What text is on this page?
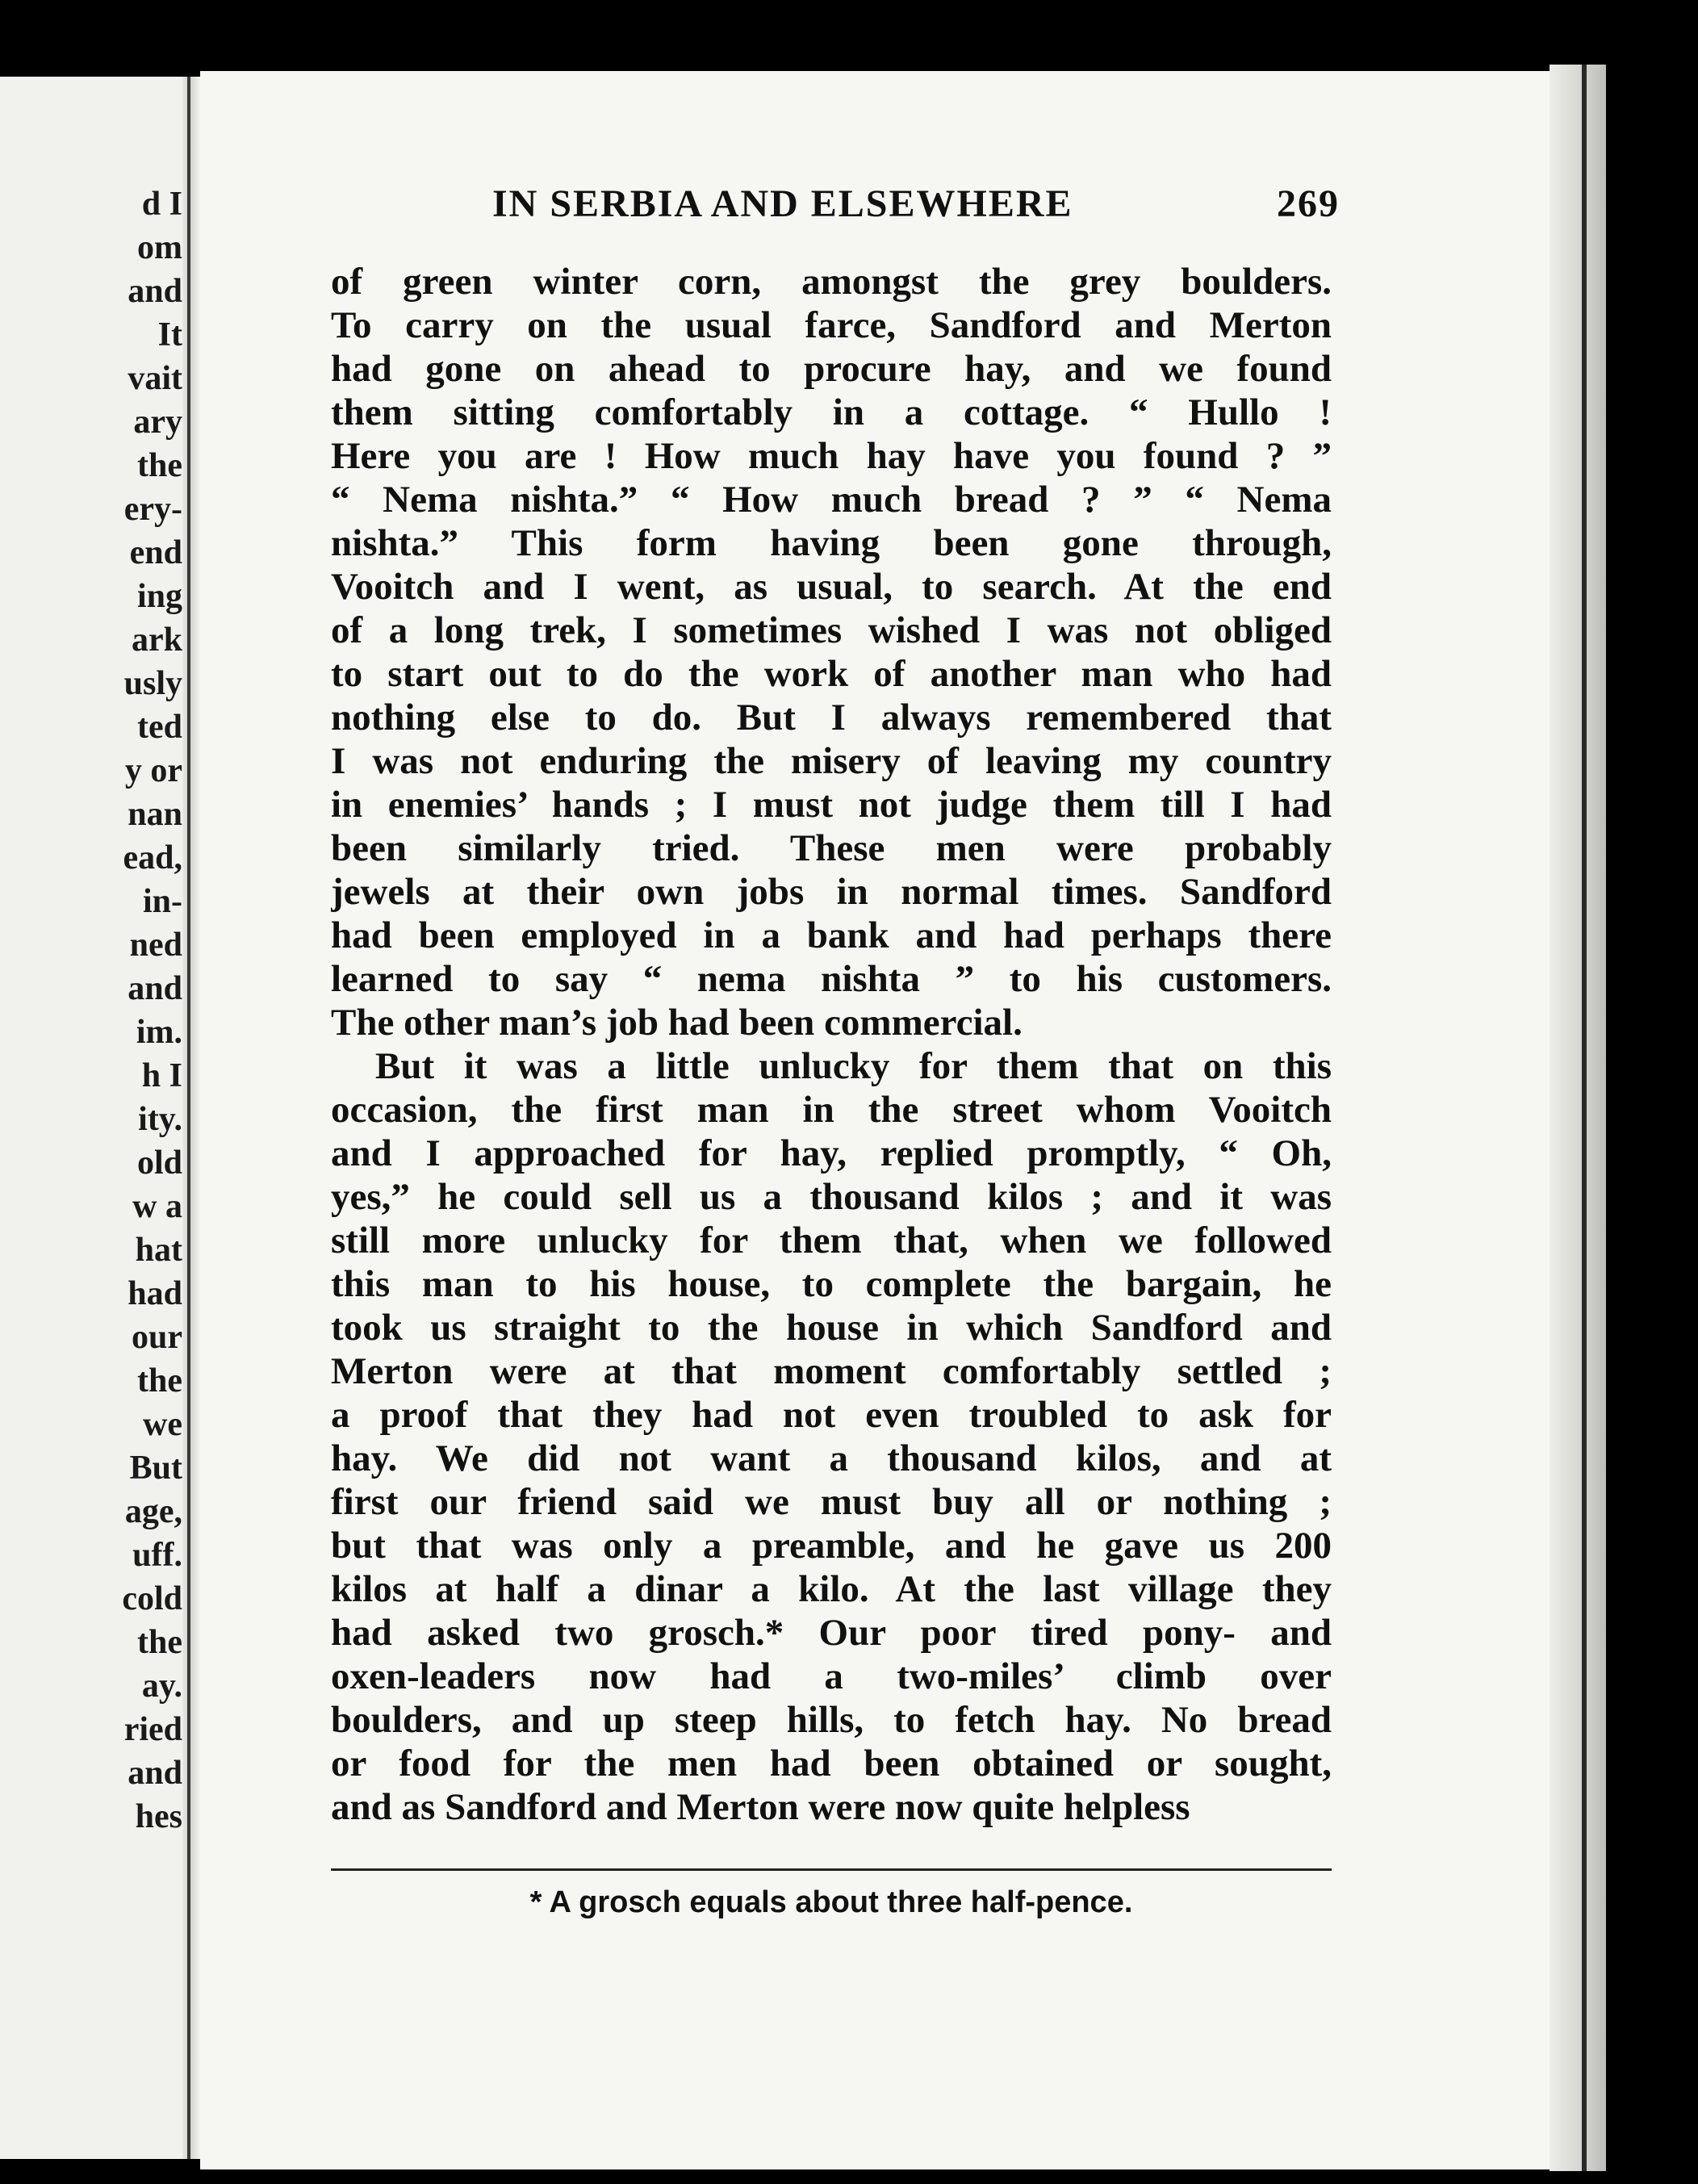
d I
om
and
It
vait
ary
the
ery-
end
ing
ark
usly
ted
y or
nan
ead,
in-
ned
and
im.
h I
ity.
old
w a
hat
had
our
the
we
But
age,
uff.
cold
the
ay.
ried
and
hes
IN SERBIA AND ELSEWHERE	269
of green winter corn, amongst the grey boulders.
To carry on the usual farce, Sandford and Merton
had gone on ahead to procure hay, and we found
them sitting comfortably in a cottage. “ Hullo !
Here you are ! How much hay have you found ? ”
“ Nema nishta.” “ How much bread ? ” “ Nema
nishta.” This form having been gone through,
Vooitch and I went, as usual, to search. At the end
of a long trek, I sometimes wished I was not obliged
to start out to do the work of another man who had
nothing else to do. But I always remembered that
I was not enduring the misery of leaving my country
in enemies’ hands ; I must not judge them till I had
been similarly tried. These men were probably
jewels at their own jobs in normal times. Sandford
had been employed in a bank and had perhaps there
learned to say “ nema nishta ” to his customers.
The other man’s job had been commercial.
But it was a little unlucky for them that on this
occasion, the first man in the street whom Vooitch
and I approached for hay, replied promptly, “ Oh,
yes,” he could sell us a thousand kilos ; and it was
still more unlucky for them that, when we followed
this man to his house, to complete the bargain, he
took us straight to the house in which Sandford and
Merton were at that moment comfortably settled ;
a proof that they had not even troubled to ask for
hay. We did not want a thousand kilos, and at
first our friend said we must buy all or nothing ;
but that was only a preamble, and he gave us 200
kilos at half a dinar a kilo. At the last village they
had asked two grosch.* Our poor tired pony- and
oxen-leaders now had a two-miles’ climb over
boulders, and up steep hills, to fetch hay. No bread
or food for the men had been obtained or sought,
and as Sandford and Merton were now quite helpless
* A grosch equals about three half-pence.
